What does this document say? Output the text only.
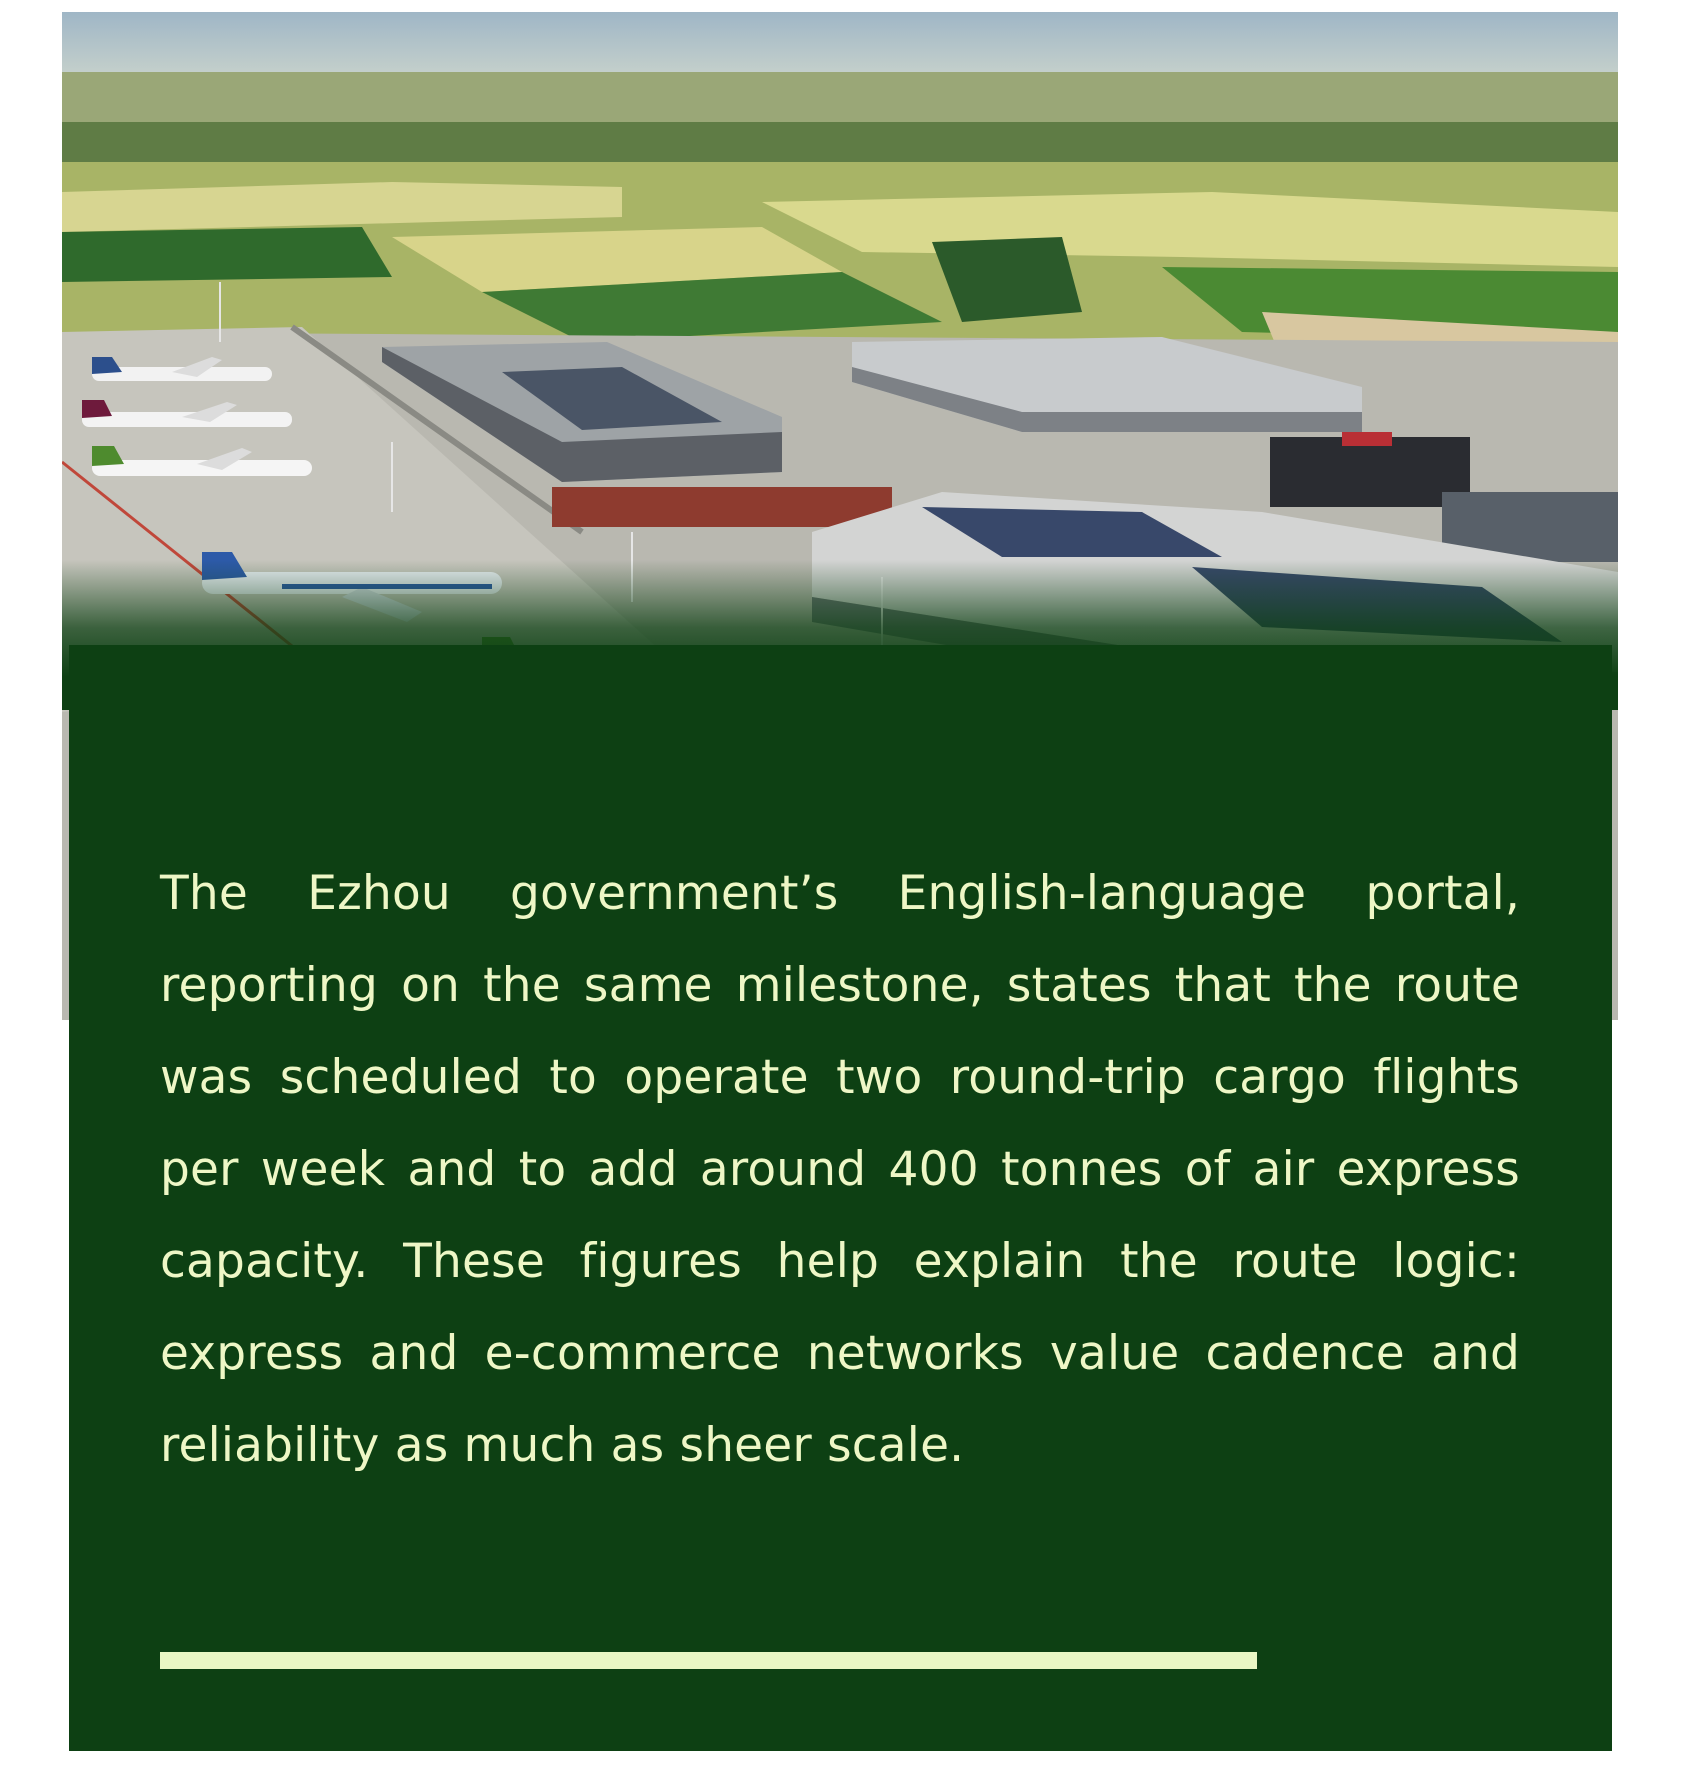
The Ezhou government’s English-language portal, reporting on the same milestone, states that the route was scheduled to operate two round-trip cargo flights per week and to add around 400 tonnes of air express capacity. These figures help explain the route logic: express and e-commerce networks value cadence and reliability as much as sheer scale.
